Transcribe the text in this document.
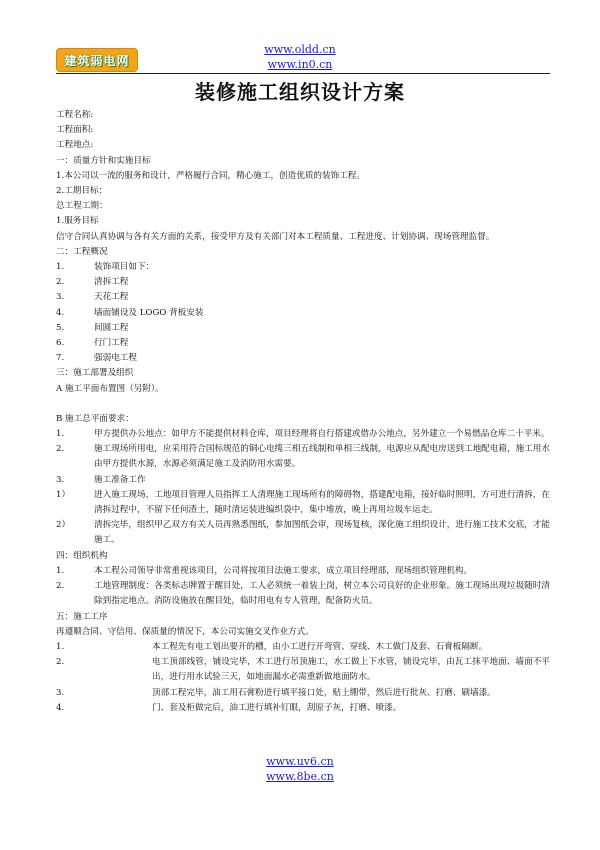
建筑弱电网
www.oldd.cn
www.in0.cn
装修施工组织设计方案

工程名称:

工程面积:

工程地点:

一：质量方针和实施目标

1.本公司以一流的服务和设计，严格履行合同，精心施工，创造优质的装饰工程。

2.工期目标：

总工程工期：

1.服务目标

信守合同认真协调与各有关方面的关系，接受甲方及有关部门对本工程质量、工程进度、计划协调、现场管理监督。

二：工程概况

1.	装饰项目如下：
2.	清拆工程
3.	天花工程
4.	墙面铺设及 LOGO 背板安装
5.	间圆工程
6.	行门工程
7.	强弱电工程

三：施工部署及组织

A 施工平面布置图（另附）。

B 施工总平面要求：

1.	甲方提供办公地点：如甲方不能提供材料仓库，项目经理将自行搭建或借办公地点，另外建立一个易燃品仓库二十平米。
2.	施工现场所用电，应采用符合国标规范的铜心电缆三相五线制和单相三线制，电源应从配电房送到工地配电箱，施工用水由甲方提供水源，水源必须满足施工及消防用水需要。
3.	施工准备工作
1）	进入施工现场，工地项目管理人员指挥工人清理施工现场所有的障碍物，搭建配电箱，接好临时照明，方可进行清拆，在清拆过程中，不留下任何渣土，随时清运装进编织袋中，集中堆放，晚上再用垃圾车运走。
2）	清拆完毕，组织甲乙双方有关人员再熟悉图纸，参加图纸会审，现场复核，深化施工组织设计，进行施工技术交底，才能施工。

四：组织机构

1.	本工程公司领导非常重视该项目，公司将按项目法施工要求，成立项目经理部，现场组织管理机构。
2.	工地管理制度：各类标志牌置于醒目处，工人必须统一着装上岗，树立本公司良好的企业形象。施工现场出现垃圾随时清除到指定地点。消防设施放在醒目处，临时用电有专人管理，配备防火员。

五：施工工序

再遵顺合同、守信用、保质量的情况下，本公司实施交叉作业方式。

1.	本工程先有电工划出要开的槽，由小工进行开弯管、穿线、木工做门及套、石膏板隔断。
2.	电工顶部线管，铺设完毕，木工进行吊顶施工，水工做上下水管，铺设完毕，由瓦工抹平地面、墙面不平出，进行用水试验三天，如地面漏水必需重新做地面防水。
3.	顶部工程完毕，油工用石膏粉进行填平接口处，贴上绷带，然后进行批灰、打磨、刷墙漆。
4.	门、套及柜做完后，油工进行填补钉眼，刮原子灰，打磨、喷漆。
www.uv6.cn
www.8be.cn
